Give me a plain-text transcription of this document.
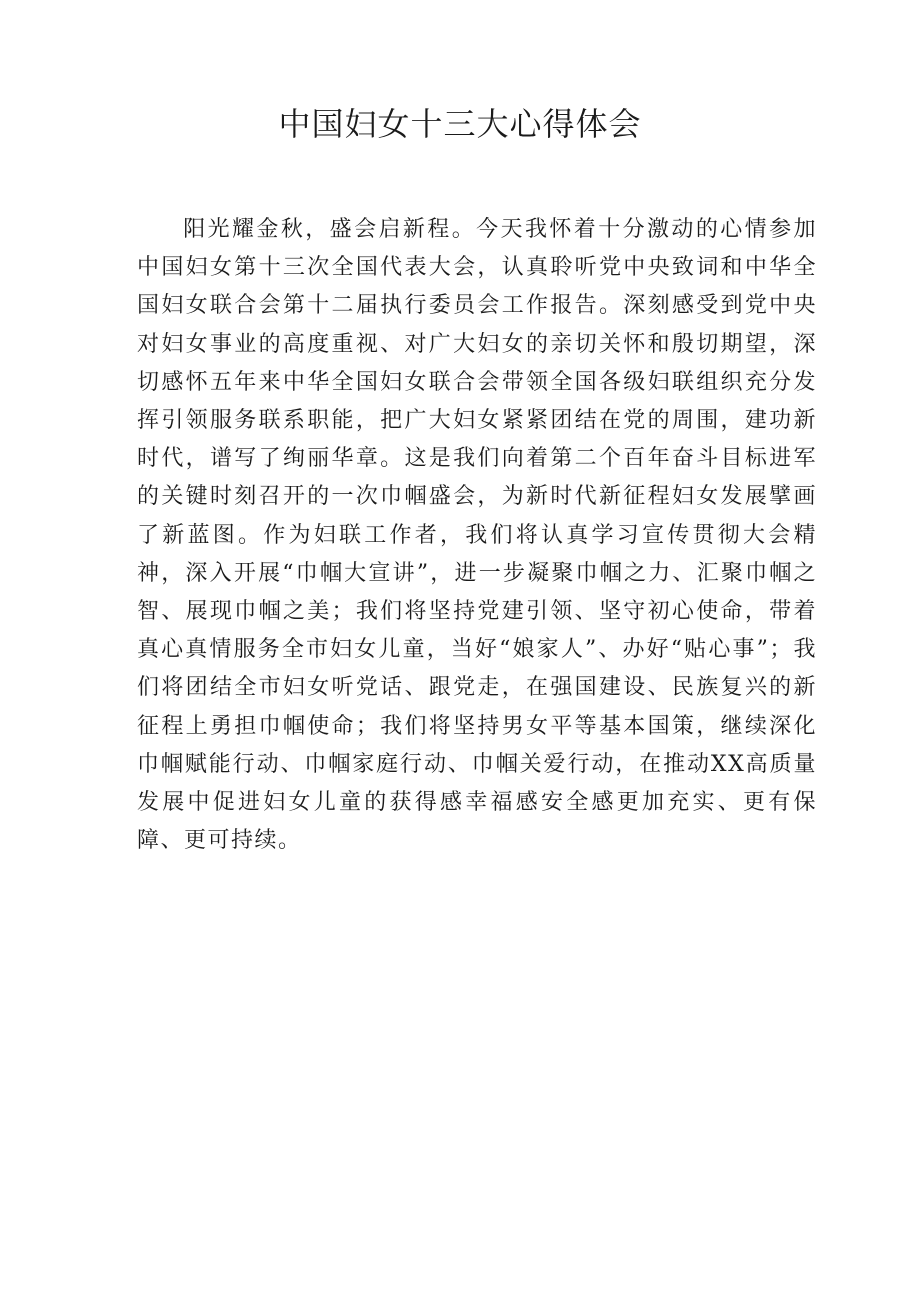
中国妇女十三大心得体会

阳光耀金秋，盛会启新程。今天我怀着十分激动的心情参加中国妇女第十三次全国代表大会，认真聆听党中央致词和中华全国妇女联合会第十二届执行委员会工作报告。深刻感受到党中央对妇女事业的高度重视、对广大妇女的亲切关怀和殷切期望，深切感怀五年来中华全国妇女联合会带领全国各级妇联组织充分发挥引领服务联系职能，把广大妇女紧紧团结在党的周围，建功新时代，谱写了绚丽华章。这是我们向着第二个百年奋斗目标进军的关键时刻召开的一次巾帼盛会，为新时代新征程妇女发展擘画了新蓝图。作为妇联工作者，我们将认真学习宣传贯彻大会精神，深入开展“巾帼大宣讲”，进一步凝聚巾帼之力、汇聚巾帼之智、展现巾帼之美；我们将坚持党建引领、坚守初心使命，带着真心真情服务全市妇女儿童，当好“娘家人”、办好“贴心事”；我们将团结全市妇女听党话、跟党走，在强国建设、民族复兴的新征程上勇担巾帼使命；我们将坚持男女平等基本国策，继续深化巾帼赋能行动、巾帼家庭行动、巾帼关爱行动，在推动XX高质量发展中促进妇女儿童的获得感幸福感安全感更加充实、更有保障、更可持续。
